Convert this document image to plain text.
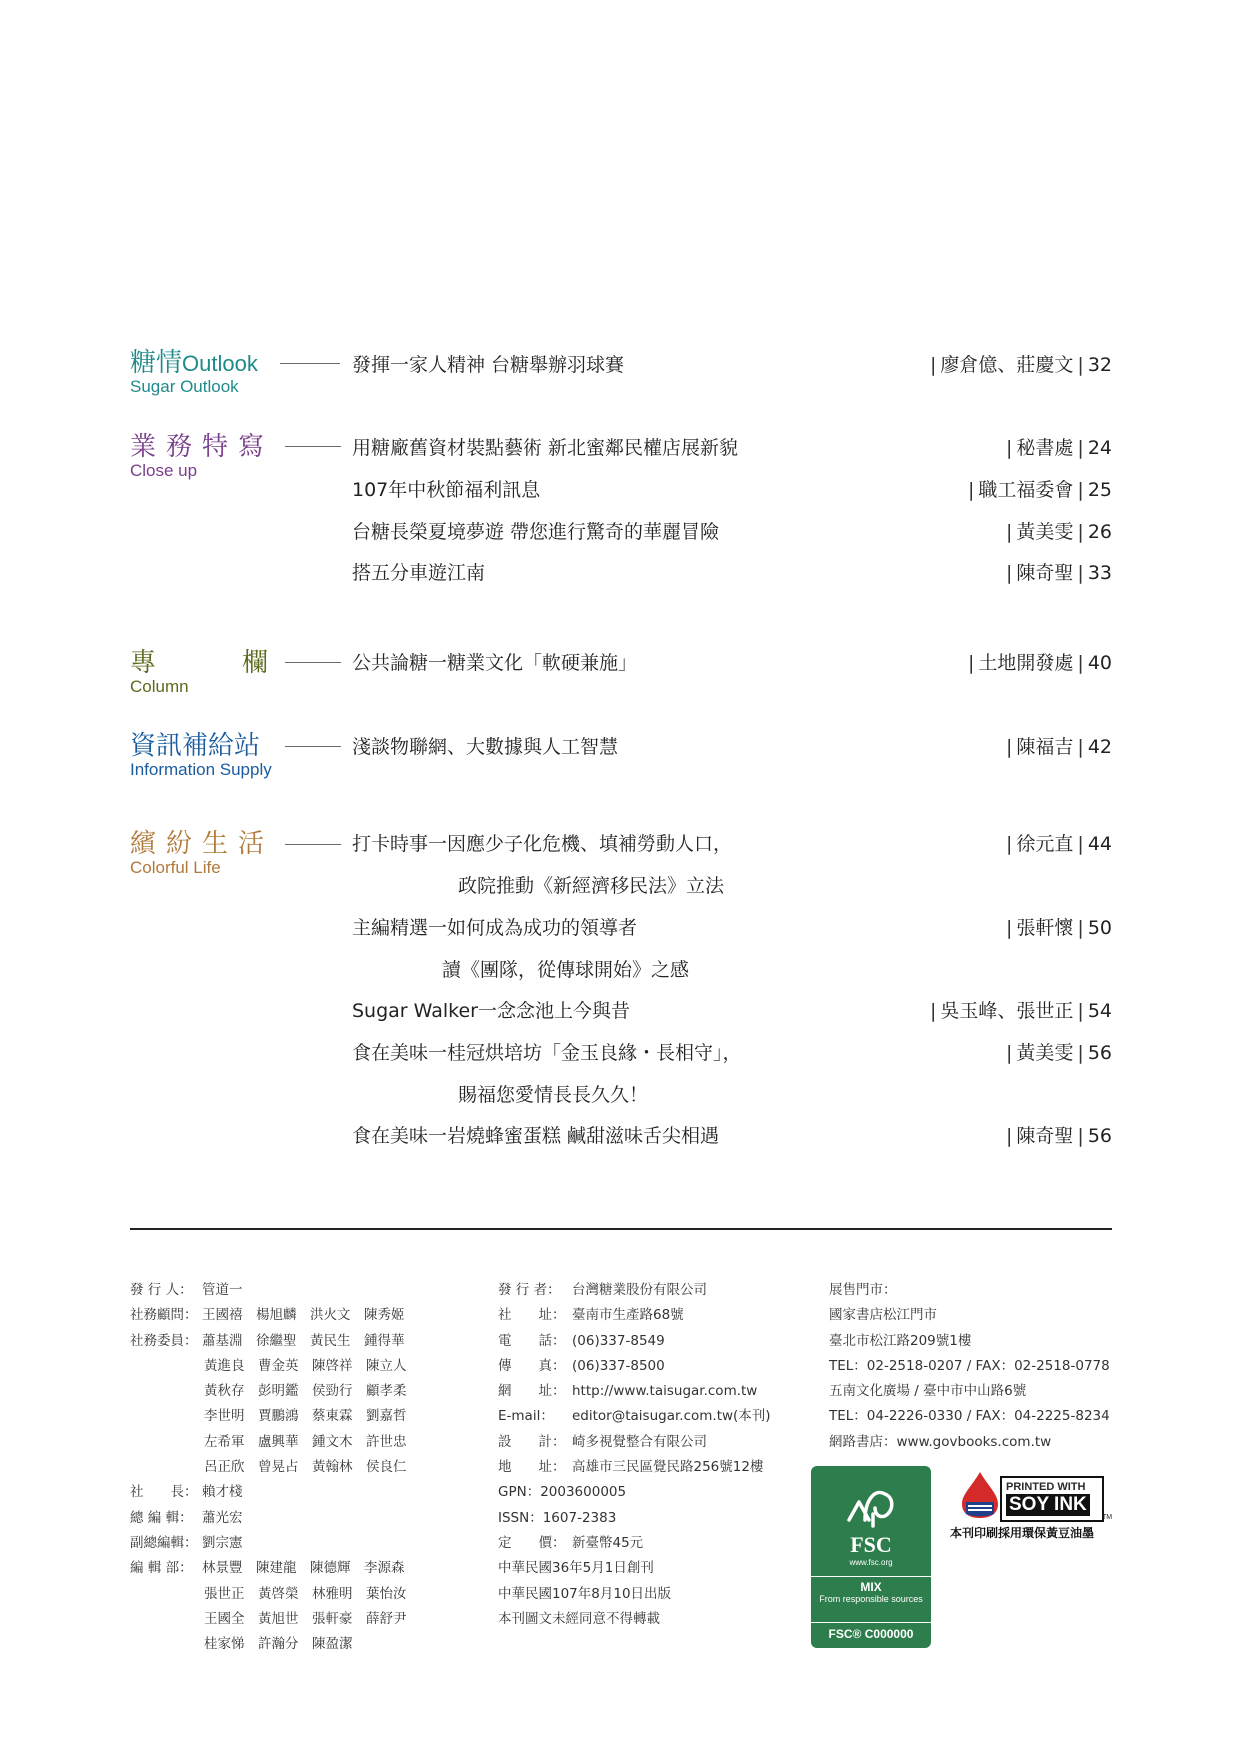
糖情Outlook
Sugar Outlook
發揮一家人精神 台糖舉辦羽球賽	| 廖倉億、莊慶文 | 32
業務特寫
Close up
用糖廠舊資材裝點藝術 新北蜜鄰民權店展新貌	| 秘書處 | 24
107年中秋節福利訊息	| 職工福委會 | 25
台糖長榮夏境夢遊 帶您進行驚奇的華麗冒險	| 黃美雯 | 26
搭五分車遊江南	| 陳奇聖 | 33
專	欄
Column
公共論糖一糖業文化「軟硬兼施」	| 土地開發處 | 40
資訊補給站
Information Supply
淺談物聯網、大數據與人工智慧	| 陳福吉 | 42
繽紛生活
Colorful Life
打卡時事一因應少子化危機、填補勞動人口，	| 徐元直 | 44
政院推動《新經濟移民法》立法
主編精選一如何成為成功的領導者	| 張軒懷 | 50
讀《團隊，從傳球開始》之感
Sugar Walker一念念池上今與昔	| 吳玉峰、張世正 | 54
食在美味一桂冠烘培坊「金玉良緣・長相守」，	| 黃美雯 | 56
賜福您愛情長長久久！
食在美味一岩燒蜂蜜蛋糕 鹹甜滋味舌尖相遇	| 陳奇聖 | 56
發 行 人： 管道一
社務顧問： 王國禧　楊旭麟　洪火文　陳秀姬
社務委員： 蕭基淵　徐繼聖　黃民生　鍾得華
黃進良　曹金英　陳啓祥　陳立人
黃秋存　彭明鑑　侯勁行　顧孝柔
李世明　賈鵬鴻　蔡東霖　劉嘉哲
左希軍　盧興華　鍾文木　許世忠
呂正欣　曾晃占　黃翰林　侯良仁
社　　長： 賴才棧
總 編 輯： 蕭光宏
副總編輯： 劉宗憲
編 輯 部： 林景豐　陳建龍　陳德輝　李源森
張世正　黃啓榮　林雅明　葉怡汝
王國全　黃旭世　張軒豪　薛舒尹
桂家悌　許瀚分　陳盈潔
發 行 者： 台灣糖業股份有限公司
社　　址： 臺南市生產路68號
電　　話： (06)337-8549
傳　　真： (06)337-8500
網　　址： http://www.taisugar.com.tw
E-mail： editor@taisugar.com.tw(本刊)
設　　計： 崎多視覺整合有限公司
地　　址： 高雄市三民區覺民路256號12樓
GPN：2003600005
ISSN：1607-2383
定　　價： 新臺幣45元
中華民國36年5月1日創刊
中華民國107年8月10日出版
本刊圖文未經同意不得轉載
展售門市：
國家書店松江門市
臺北市松江路209號1樓
TEL：02-2518-0207 / FAX：02-2518-0778
五南文化廣場 / 臺中市中山路6號
TEL：04-2226-0330 / FAX：04-2225-8234
網路書店：www.govbooks.com.tw
FSC
www.fsc.org
MIX
From responsible sources
FSC® C000000
PRINTED WITH
SOY INK
TM
本刊印刷採用環保黃豆油墨
